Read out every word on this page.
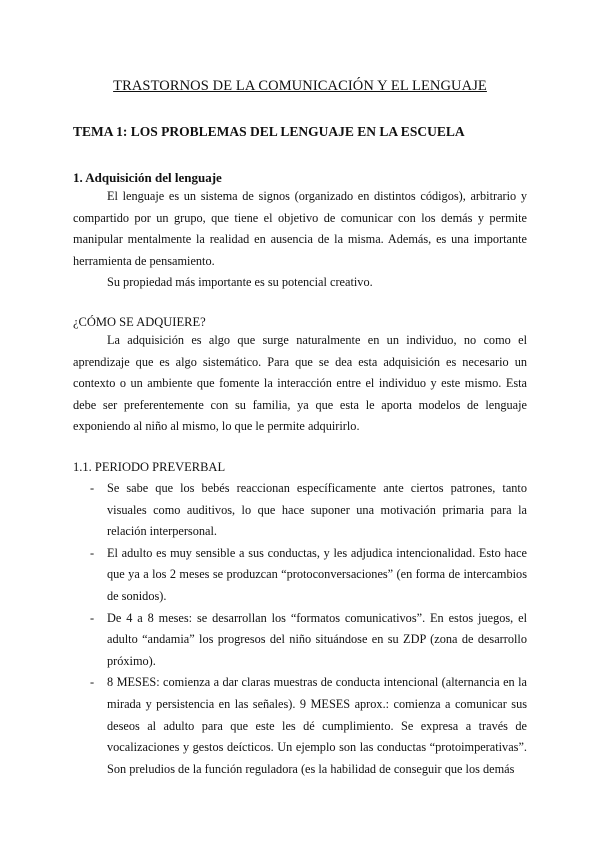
TRASTORNOS DE LA COMUNICACIÓN Y EL LENGUAJE
TEMA 1: LOS PROBLEMAS DEL LENGUAJE EN LA ESCUELA
1. Adquisición del lenguaje

El lenguaje es un sistema de signos (organizado en distintos códigos), arbitrario y compartido por un grupo, que tiene el objetivo de comunicar con los demás y permite manipular mentalmente la realidad en ausencia de la misma. Además, es una importante herramienta de pensamiento.

Su propiedad más importante es su potencial creativo.

¿CÓMO SE ADQUIERE?

La adquisición es algo que surge naturalmente en un individuo, no como el aprendizaje que es algo sistemático. Para que se dea esta adquisición es necesario un contexto o un ambiente que fomente la interacción entre el individuo y este mismo. Esta debe ser preferentemente con su familia, ya que esta le aporta modelos de lenguaje exponiendo al niño al mismo, lo que le permite adquirirlo.

1.1. PERIODO PREVERBAL
- Se sabe que los bebés reaccionan específicamente ante ciertos patrones, tanto visuales como auditivos, lo que hace suponer una motivación primaria para la relación interpersonal.
- El adulto es muy sensible a sus conductas, y les adjudica intencionalidad. Esto hace que ya a los 2 meses se produzcan “protoconversaciones” (en forma de intercambios de sonidos).
- De 4 a 8 meses: se desarrollan los “formatos comunicativos”. En estos juegos, el adulto “andamia” los progresos del niño situándose en su ZDP (zona de desarrollo próximo).
- 8 MESES: comienza a dar claras muestras de conducta intencional (alternancia en la mirada y persistencia en las señales). 9 MESES aprox.: comienza a comunicar sus deseos al adulto para que este les dé cumplimiento. Se expresa a través de vocalizaciones y gestos deícticos. Un ejemplo son las conductas “protoimperativas”. Son preludios de la función reguladora (es la habilidad de conseguir que los demás
